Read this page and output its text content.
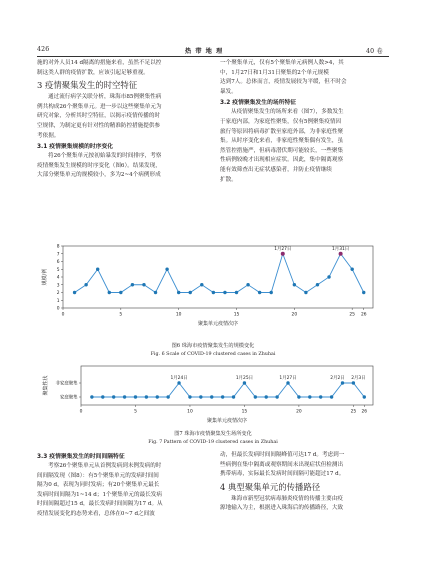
426	热 带 地 理	40 卷

施的对外人员14 d隔离的措施来看，虽然不足以控

制这类人群的疫情扩散，应该引起足够重视。

3 疫情聚集发生的时空特征

通过流行病学关联分析，珠海市85例聚集性病

例共构成26个聚集单元。进一步以这些聚集单元为

研究对象，分析其时空特征，以揭示疫情传播的时

空规律，为制定更有针对性的精准防控措施提供参

考依据。

3.1 疫情聚集规模的时序变化

将26个聚集单元按初始暴发的时间排序，考察

疫情聚集发生规模的时序变化（图6）。结果发现，

大部分聚集单元的规模较小，多为2~4个病例形成

一个聚集单元，仅有5个聚集单元病例人数>4，其

中，1月27日和1月31日聚集的2个单元规模

达到7人。总体而言，疫情发展较为平缓，但不时会

暴发。

3.2 疫情聚集发生的场所特征

从疫情聚集发生的场所来看（图7），多数发生

于家庭内部，为家庭性聚集，仅有5例聚集疫情因

旅行等原因将病毒扩散至家庭外部，为非家庭性聚

集。从时序变化来看，非家庭性聚集偶有发生，虽

然管控措施严，但病毒潜伏期可能较长，一些聚集

性病例较晚才出现相应症状。因此，集中隔离观察

能有效筛查出无症状感染者，并防止疫情继续

扩散。

0
1
2
3
4
5
6
7
8
0	5	10	15	20	25 26
聚集单元疫情次序
规模/例
1月27日	1月31日
图6 珠海市疫情聚集发生的规模变化
Fig. 6 Scale of COVID-19 clustered cases in Zhuhai
家庭聚集
非家庭聚集
0	5	10	15	20	25 26
聚集单元疫情次序
聚集性状	1月24日	1月25日	1月27日	2月2日 2月3日
图7 珠海市疫情聚集发生场所变化
Fig. 7 Pattern of COVID-19 clustered cases in Zhuhai
3.3 疫情聚集发生的时间间隔特征

考察26个聚集单元从首例发病到末例发病的时

间间隔发现（图8）：有5个聚集单元的发病时间间

隔为0 d，表现为同时发病；有20个聚集单元最长

发病时间间隔为1~14 d；1个聚集单元的最长发病

时间间隔超过15 d，最长发病时间间隔为17 d。从

疫情发展变化的态势来看，总体在0~7 d之间波

动，但最长发病时间间隔峰值可达17 d。考虑到一

些病例在集中隔离或观察期间未出现症状但检测出

携带病毒，实际最长发病时间间隔可能超过17 d。

4 典型聚集单元的传播路径

珠海市新型冠状病毒肺炎疫情的传播主要由疫

源地输入为主，根据进入珠海后的传播路径，大致
